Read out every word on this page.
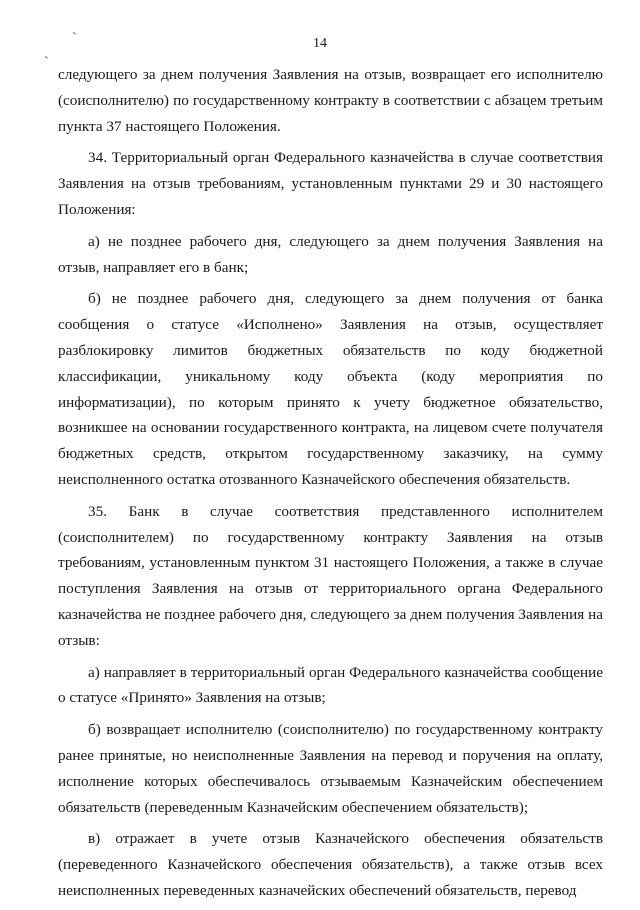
`
`
14

следующего за днем получения Заявления на отзыв, возвращает его исполнителю (соисполнителю) по государственному контракту в соответствии с абзацем третьим пункта 37 настоящего Положения.

34. Территориальный орган Федерального казначейства в случае соответствия Заявления на отзыв требованиям, установленным пунктами 29 и 30 настоящего Положения:

а) не позднее рабочего дня, следующего за днем получения Заявления на отзыв, направляет его в банк;

б) не позднее рабочего дня, следующего за днем получения от банка сообщения о статусе «Исполнено» Заявления на отзыв, осуществляет разблокировку лимитов бюджетных обязательств по коду бюджетной классификации, уникальному коду объекта (коду мероприятия по информатизации), по которым принято к учету бюджетное обязательство, возникшее на основании государственного контракта, на лицевом счете получателя бюджетных средств, открытом государственному заказчику, на сумму неисполненного остатка отозванного Казначейского обеспечения обязательств.

35. Банк в случае соответствия представленного исполнителем (соисполнителем) по государственному контракту Заявления на отзыв требованиям, установленным пунктом 31 настоящего Положения, а также в случае поступления Заявления на отзыв от территориального органа Федерального казначейства не позднее рабочего дня, следующего за днем получения Заявления на отзыв:

а) направляет в территориальный орган Федерального казначейства сообщение о статусе «Принято» Заявления на отзыв;

б) возвращает исполнителю (соисполнителю) по государственному контракту ранее принятые, но неисполненные Заявления на перевод и поручения на оплату, исполнение которых обеспечивалось отзываемым Казначейским обеспечением обязательств (переведенным Казначейским обеспечением обязательств);

в) отражает в учете отзыв Казначейского обеспечения обязательств (переведенного Казначейского обеспечения обязательств), а также отзыв всех неисполненных переведенных казначейских обеспечений обязательств, перевод
